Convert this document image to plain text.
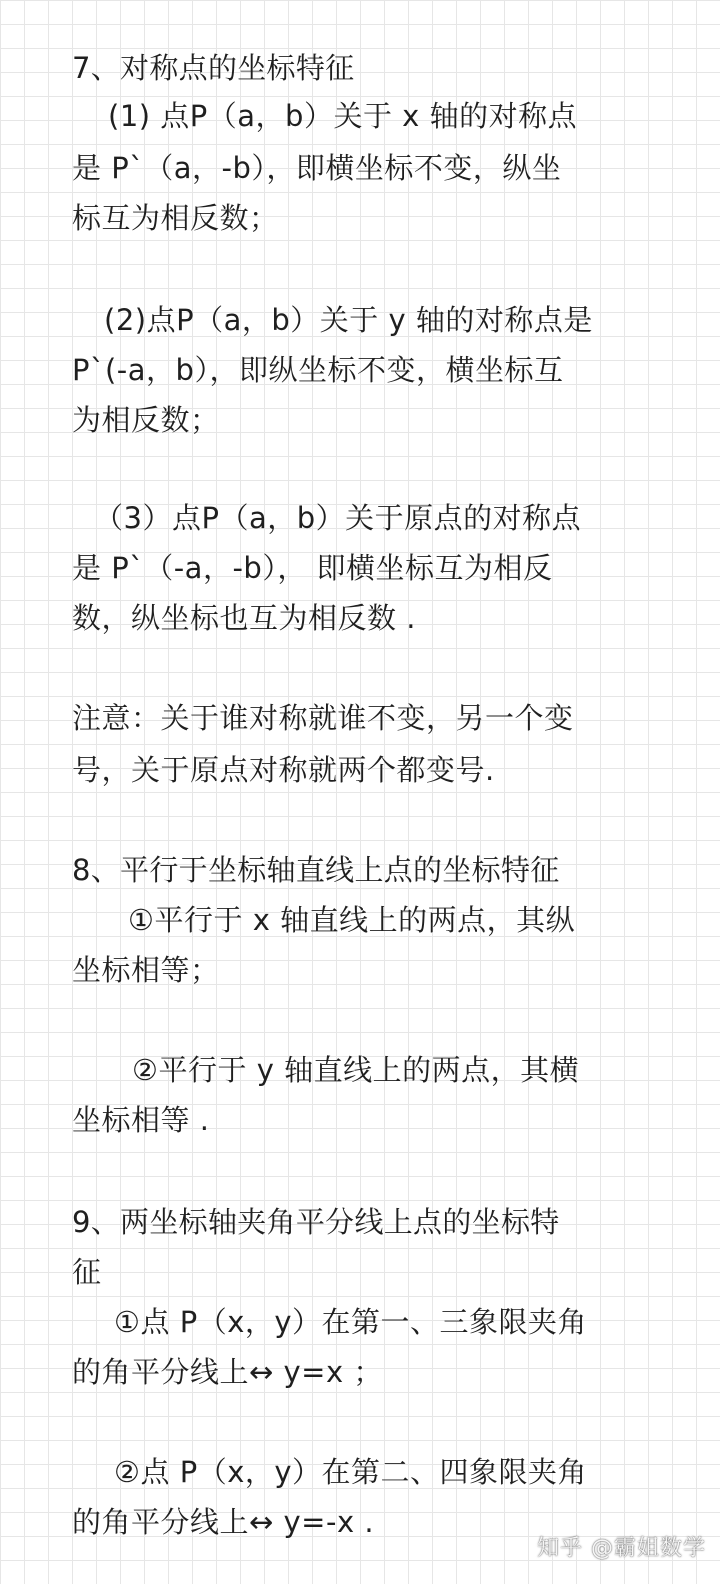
7、对称点的坐标特征
(1) 点P（a，b）关于 x 轴的对称点
是 P`（a，-b），即横坐标不变，纵坐
标互为相反数；
(2)点P（a，b）关于 y 轴的对称点是
P`(-a，b），即纵坐标不变，横坐标互
为相反数；
（3）点P（a，b）关于原点的对称点
是 P`（-a，-b）， 即横坐标互为相反
数，纵坐标也互为相反数 .
注意：关于谁对称就谁不变，另一个变
号，关于原点对称就两个都变号.
8、平行于坐标轴直线上点的坐标特征
①平行于 x 轴直线上的两点，其纵
坐标相等；
②平行于 y 轴直线上的两点，其横
坐标相等 .
9、两坐标轴夹角平分线上点的坐标特
征
①点 P（x，y）在第一、三象限夹角
的角平分线上↔ y=x ；
②点 P（x，y）在第二、四象限夹角
的角平分线上↔ y=-x .
知乎 @霸姐数学
